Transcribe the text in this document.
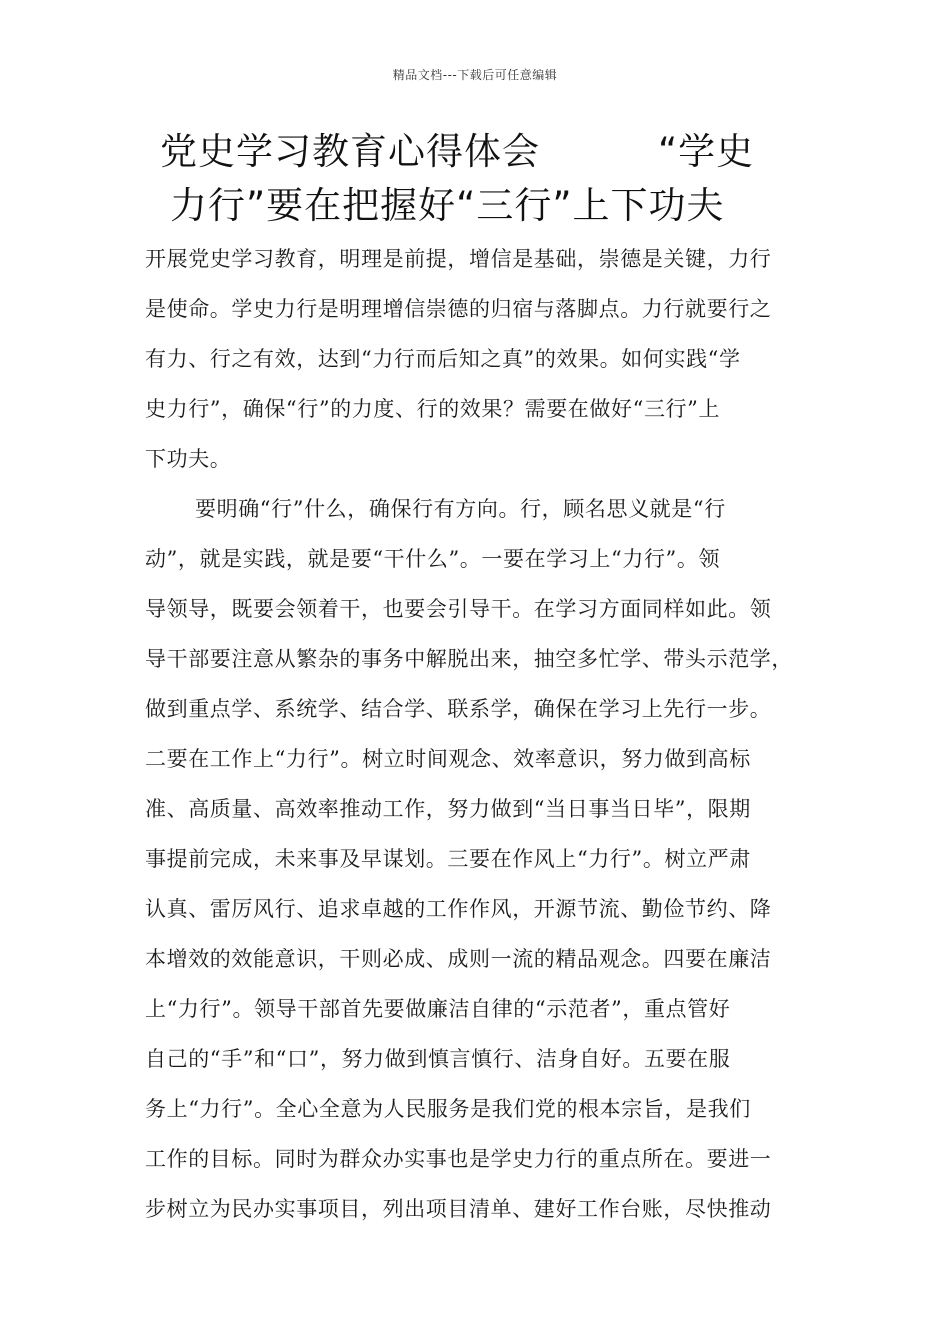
精品文档---下载后可任意编辑
党史学习教育心得体会	“学史
力行”要在把握好“三行”上下功夫
开展党史学习教育，明理是前提，增信是基础，崇德是关键，力行
是使命。学史力行是明理增信崇德的归宿与落脚点。力行就要行之
有力、行之有效，达到“力行而后知之真”的效果。如何实践“学
史力行”，确保“行”的力度、行的效果？需要在做好“三行”上
下功夫。
要明确“行”什么，确保行有方向。行，顾名思义就是“行
动”，就是实践，就是要“干什么”。一要在学习上“力行”。领
导领导，既要会领着干，也要会引导干。在学习方面同样如此。领
导干部要注意从繁杂的事务中解脱出来，抽空多忙学、带头示范学，
做到重点学、系统学、结合学、联系学，确保在学习上先行一步。
二要在工作上“力行”。树立时间观念、效率意识，努力做到高标
准、高质量、高效率推动工作，努力做到“当日事当日毕”，限期
事提前完成，未来事及早谋划。三要在作风上“力行”。树立严肃
认真、雷厉风行、追求卓越的工作作风，开源节流、勤俭节约、降
本增效的效能意识，干则必成、成则一流的精品观念。四要在廉洁
上“力行”。领导干部首先要做廉洁自律的“示范者”，重点管好
自己的“手”和“口”，努力做到慎言慎行、洁身自好。五要在服
务上“力行”。全心全意为人民服务是我们党的根本宗旨，是我们
工作的目标。同时为群众办实事也是学史力行的重点所在。要进一
步树立为民办实事项目，列出项目清单、建好工作台账，尽快推动
